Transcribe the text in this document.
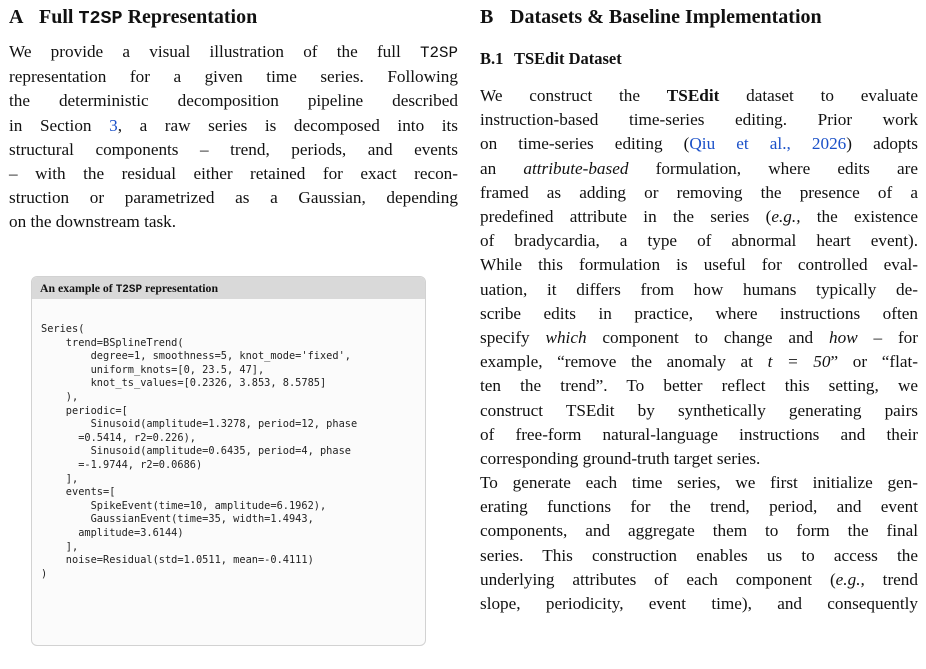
A Full T2SP Representation

We provide a visual illustration of the full T2SP
representation for a given time series. Following
the deterministic decomposition pipeline described
in Section 3, a raw series is decomposed into its
structural components – trend, periods, and events
– with the residual either retained for exact recon-
struction or parametrized as a Gaussian, depending
on the downstream task.

An example of T2SP representation
Series(
trend=BSplineTrend(
degree=1, smoothness=5, knot_mode='fixed',
uniform_knots=[0, 23.5, 47],
knot_ts_values=[0.2326, 3.853, 8.5785]
),
periodic=[
Sinusoid(amplitude=1.3278, period=12, phase
=0.5414, r2=0.226),
Sinusoid(amplitude=0.6435, period=4, phase
=-1.9744, r2=0.0686)
],
events=[
SpikeEvent(time=10, amplitude=6.1962),
GaussianEvent(time=35, width=1.4943,
amplitude=3.6144)
],
noise=Residual(std=1.0511, mean=-0.4111)
)
B Datasets & Baseline Implementation
B.1 TSEdit Dataset

We construct the TSEdit dataset to evaluate
instruction-based time-series editing. Prior work
on time-series editing (Qiu et al., 2026) adopts
an attribute-based formulation, where edits are
framed as adding or removing the presence of a
predefined attribute in the series (e.g., the existence
of bradycardia, a type of abnormal heart event).
While this formulation is useful for controlled eval-
uation, it differs from how humans typically de-
scribe edits in practice, where instructions often
specify which component to change and how – for
example, “remove the anomaly at t = 50” or “flat-
ten the trend”. To better reflect this setting, we
construct TSEdit by synthetically generating pairs
of free-form natural-language instructions and their
corresponding ground-truth target series.

To generate each time series, we first initialize gen-
erating functions for the trend, period, and event
components, and aggregate them to form the final
series. This construction enables us to access the
underlying attributes of each component (e.g., trend
slope, periodicity, event time), and consequently
